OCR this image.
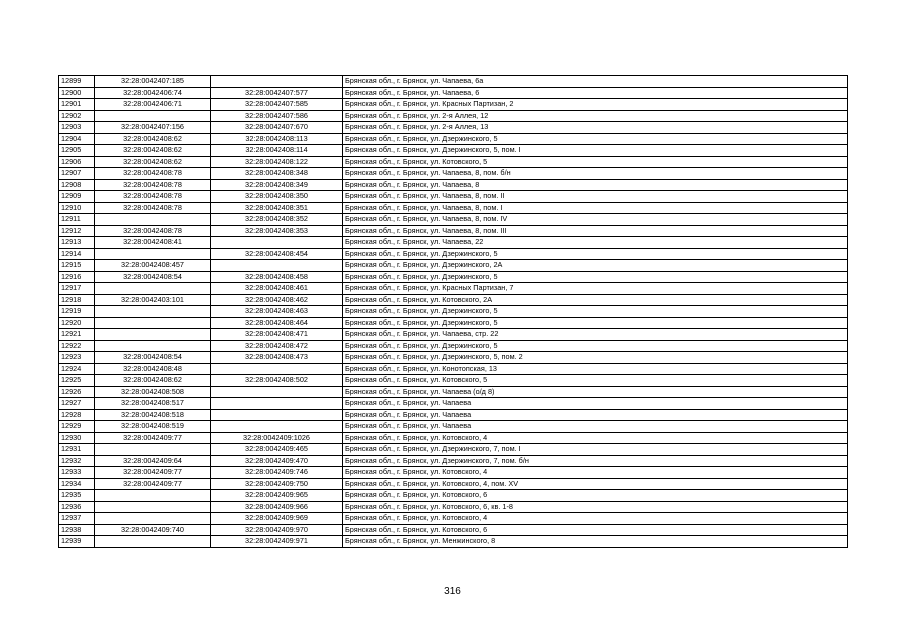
12899	32:28:0042407:185		Брянская обл., г. Брянск, ул. Чапаева, 6а
12900	32:28:0042406:74	32:28:0042407:577	Брянская обл., г. Брянск, ул. Чапаева, 6
12901	32:28:0042406:71	32:28:0042407:585	Брянская обл., г. Брянск, ул. Красных Партизан, 2
12902		32:28:0042407:586	Брянская обл., г. Брянск, ул. 2-я Аллея, 12
12903	32:28:0042407:156	32:28:0042407:670	Брянская обл., г. Брянск, ул. 2-я Аллея, 13
12904	32:28:0042408:62	32:28:0042408:113	Брянская обл., г. Брянск, ул. Дзержинского, 5
12905	32:28:0042408:62	32:28:0042408:114	Брянская обл., г. Брянск, ул. Дзержинского, 5, пом. I
12906	32:28:0042408:62	32:28:0042408:122	Брянская обл., г. Брянск, ул. Котовского, 5
12907	32:28:0042408:78	32:28:0042408:348	Брянская обл., г. Брянск, ул. Чапаева, 8, пом. б/н
12908	32:28:0042408:78	32:28:0042408:349	Брянская обл., г. Брянск, ул. Чапаева, 8
12909	32:28:0042408:78	32:28:0042408:350	Брянская обл., г. Брянск, ул. Чапаева, 8, пом. II
12910	32:28:0042408:78	32:28:0042408:351	Брянская обл., г. Брянск, ул. Чапаева, 8, пом. I
12911		32:28:0042408:352	Брянская обл., г. Брянск, ул. Чапаева, 8, пом. IV
12912	32:28:0042408:78	32:28:0042408:353	Брянская обл., г. Брянск, ул. Чапаева, 8, пом. III
12913	32:28:0042408:41		Брянская обл., г. Брянск, ул. Чапаева, 22
12914		32:28:0042408:454	Брянская обл., г. Брянск, ул. Дзержинского, 5
12915	32:28:0042408:457		Брянская обл., г. Брянск, ул. Дзержинского, 2А
12916	32:28:0042408:54	32:28:0042408:458	Брянская обл., г. Брянск, ул. Дзержинского, 5
12917		32:28:0042408:461	Брянская обл., г. Брянск, ул. Красных Партизан, 7
12918	32:28:0042403:101	32:28:0042408:462	Брянская обл., г. Брянск, ул. Котовского, 2А
12919		32:28:0042408:463	Брянская обл., г. Брянск, ул. Дзержинского, 5
12920		32:28:0042408:464	Брянская обл., г. Брянск, ул. Дзержинского, 5
12921		32:28:0042408:471	Брянская обл., г. Брянск, ул. Чапаева, стр. 22
12922		32:28:0042408:472	Брянская обл., г. Брянск, ул. Дзержинского, 5
12923	32:28:0042408:54	32:28:0042408:473	Брянская обл., г. Брянск, ул. Дзержинского, 5, пом. 2
12924	32:28:0042408:48		Брянская обл., г. Брянск, ул. Конотопская, 13
12925	32:28:0042408:62	32:28:0042408:502	Брянская обл., г. Брянск, ул. Котовского, 5
12926	32:28:0042408:508		Брянская обл., г. Брянск, ул. Чапаева (о/д 8)
12927	32:28:0042408:517		Брянская обл., г. Брянск, ул. Чапаева
12928	32:28:0042408:518		Брянская обл., г. Брянск, ул. Чапаева
12929	32:28:0042408:519		Брянская обл., г. Брянск, ул. Чапаева
12930	32:28:0042409:77	32:28:0042409:1026	Брянская обл., г. Брянск, ул. Котовского, 4
12931		32:28:0042409:465	Брянская обл., г. Брянск, ул. Дзержинского, 7, пом. I
12932	32:28:0042409:64	32:28:0042409:470	Брянская обл., г. Брянск, ул. Дзержинского, 7, пом. б/н
12933	32:28:0042409:77	32:28:0042409:746	Брянская обл., г. Брянск, ул. Котовского, 4
12934	32:28:0042409:77	32:28:0042409:750	Брянская обл., г. Брянск, ул. Котовского, 4, пом. XV
12935		32:28:0042409:965	Брянская обл., г. Брянск, ул. Котовского, 6
12936		32:28:0042409:966	Брянская обл., г. Брянск, ул. Котовского, 6, кв. 1-8
12937		32:28:0042409:969	Брянская обл., г. Брянск, ул. Котовского, 4
12938	32:28:0042409:740	32:28:0042409:970	Брянская обл., г. Брянск, ул. Котовского, 6
12939		32:28:0042409:971	Брянская обл., г. Брянск, ул. Менжинского, 8
316
